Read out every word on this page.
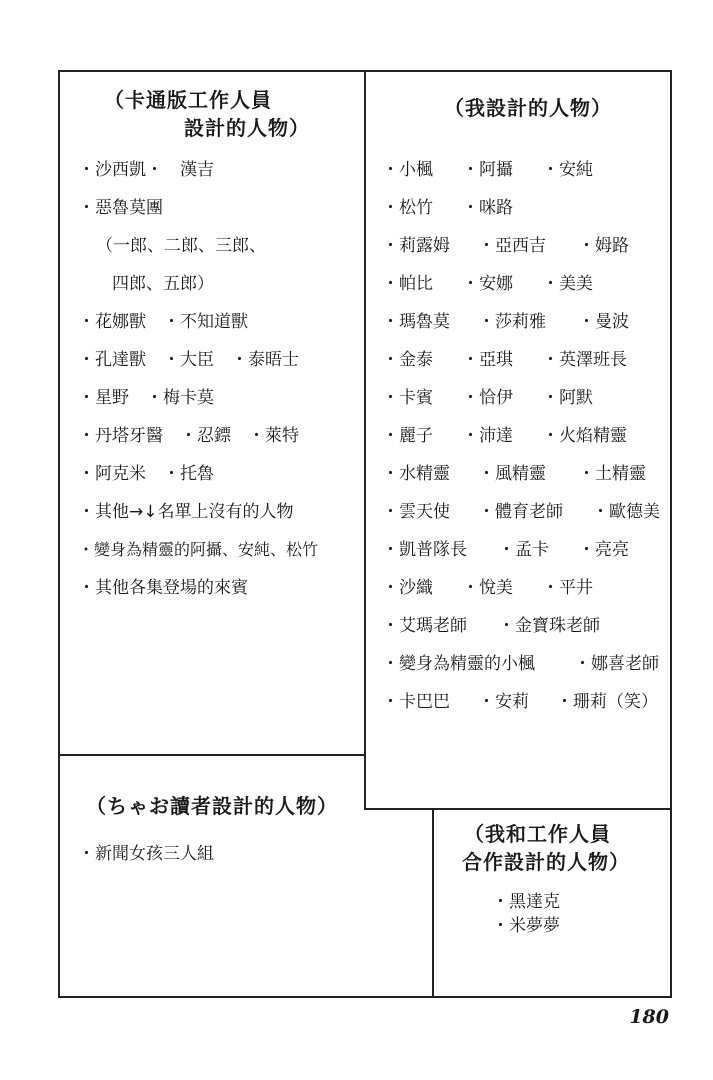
（卡通版工作人員
設計的人物）
・沙西凱・　漢吉
・惡魯莫團
（一郎、二郎、三郎、
四郎、五郎）
・花娜獸　・不知道獸
・孔達獸　・大臣　・泰晤士
・星野　・梅卡莫
・丹塔牙醫　・忍鏢　・萊特
・阿克米　・托魯
・其他→↓名單上沒有的人物
・變身為精靈的阿攝、安純、松竹
・其他各集登場的來賓
（我設計的人物）
・小楓 ・阿攝 ・安純
・松竹 ・咪路
・莉露姆 ・亞西吉 ・姆路
・帕比 ・安娜 ・美美
・瑪魯莫 ・莎莉雅 ・曼波
・金泰 ・亞琪 ・英澤班長
・卡賓 ・恰伊 ・阿默
・麗子 ・沛達 ・火焰精靈
・水精靈 ・風精靈 ・土精靈
・雲天使 ・體育老師 ・歐德美
・凱普隊長 ・孟卡 ・亮亮
・沙織 ・悅美 ・平井
・艾瑪老師 ・金寶珠老師
・變身為精靈的小楓 ・娜喜老師
・卡巴巴 ・安莉 ・珊莉（笑）
（ちゃお讀者設計的人物）
・新聞女孩三人組
（我和工作人員
合作設計的人物）
・黑達克
・米夢夢
180
